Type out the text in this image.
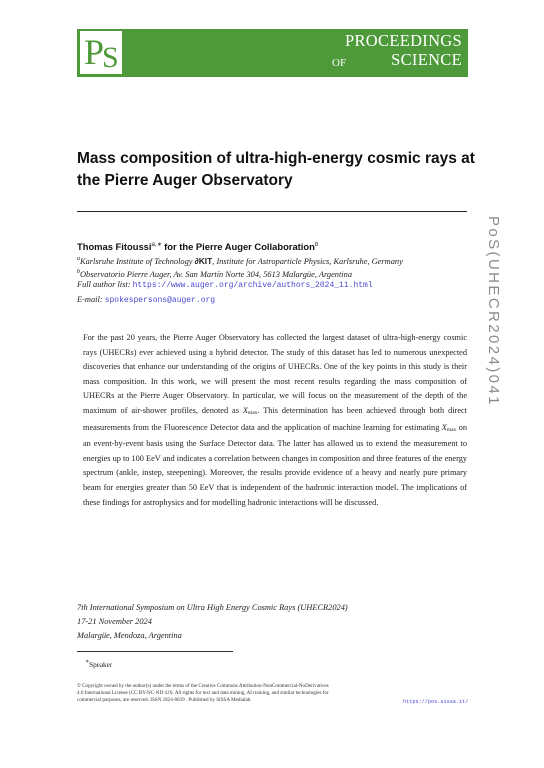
P
S
PROCEEDINGS
OF	SCIENCE
PoS(UHECR2024)041
Mass composition of ultra-high-energy cosmic rays at the Pierre Auger Observatory
Thomas Fitoussi$^{a,∗}$ for the Pierre Auger Collaboration$^b$
$^a$Karlsruhe Institute of Technology ∂KIT, Institute for Astroparticle Physics, Karlsruhe, Germany
$^b$Observatorio Pierre Auger, Av. San Martín Norte 304, 5613 Malargüe, Argentina
Full author list: https://www.auger.org/archive/authors_2024_11.html
E-mail: spokespersons@auger.org

For the past 20 years, the Pierre Auger Observatory has collected the largest dataset of ultra-high-energy cosmic rays (UHECRs) ever achieved using a hybrid detector. The study of this dataset has led to numerous unexpected discoveries that enhance our understanding of the origins of UHECRs. One of the key points in this study is their mass composition. In this work, we will present the most recent results regarding the mass composition of UHECRs at the Pierre Auger Observatory. In particular, we will focus on the measurement of the depth of the maximum of air-shower profiles, denoted as $X_{max}$. This determination has been achieved through both direct measurements from the Fluorescence Detector data and the application of machine learning for estimating $X_{max}$ on an event-by-event basis using the Surface Detector data. The latter has allowed us to extend the measurement to energies up to 100 EeV and indicates a correlation between changes in composition and three features of the energy spectrum (ankle, instep, steepening). Moreover, the results provide evidence of a heavy and nearly pure primary beam for energies greater than 50 EeV that is independent of the hadronic interaction model. The implications of these findings for astrophysics and for modelling hadronic interactions will be discussed.

7th International Symposium on Ultra High Energy Cosmic Rays (UHECR2024)
17-21 November 2024
Malargüe, Mendoza, Argentina
∗Speaker
© Copyright owned by the author(s) under the terms of the Creative Commons Attribution-NonCommercial-NoDerivatives
4.0 International License (CC BY-NC-ND 4.0). All rights for text and data mining, AI training, and similar technologies for
commercial purposes, are reserved. ISSN 1824-8039 . Published by SISSA Medialab.	https://pos.sissa.it/
